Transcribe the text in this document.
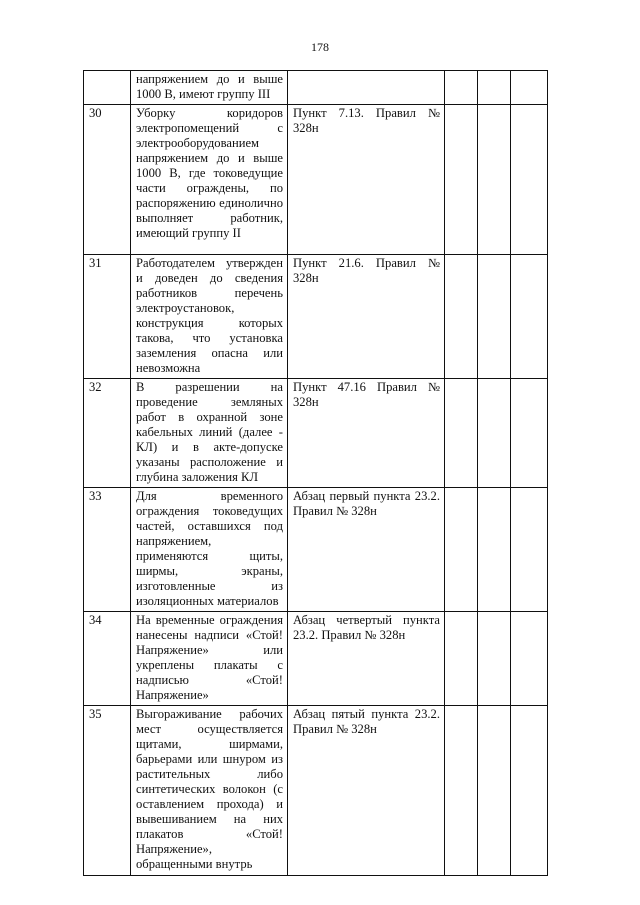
178
	напряжением до и выше 1000 В, имеют группу III				
30	Уборку коридоров электропомещений с электрооборудованием напряжением до и выше 1000 В, где токоведущие части ограждены, по распоряжению единолично выполняет работник, имеющий группу II	Пункт 7.13. Правил № 328н			
31	Работодателем утвержден и доведен до сведения работников перечень электроустановок, конструкция которых такова, что установка заземления опасна или невозможна	Пункт 21.6. Правил № 328н			
32	В разрешении на проведение земляных работ в охранной зоне кабельных линий (далее - КЛ) и в акте-допуске указаны расположение и глубина заложения КЛ	Пункт 47.16 Правил № 328н			
33	Для временного ограждения токоведущих частей, оставшихся под напряжением, применяются щиты, ширмы, экраны, изготовленные из изоляционных материалов	Абзац первый пункта 23.2. Правил № 328н			
34	На временные ограждения нанесены надписи «Стой! Напряжение» или укреплены плакаты с надписью «Стой! Напряжение»	Абзац четвертый пункта 23.2. Правил № 328н			
35	Выгораживание рабочих мест осуществляется щитами, ширмами, барьерами или шнуром из растительных либо синтетических волокон (с оставлением прохода) и вывешиванием на них плакатов «Стой! Напряжение», обращенными внутрь	Абзац пятый пункта 23.2. Правил № 328н			
